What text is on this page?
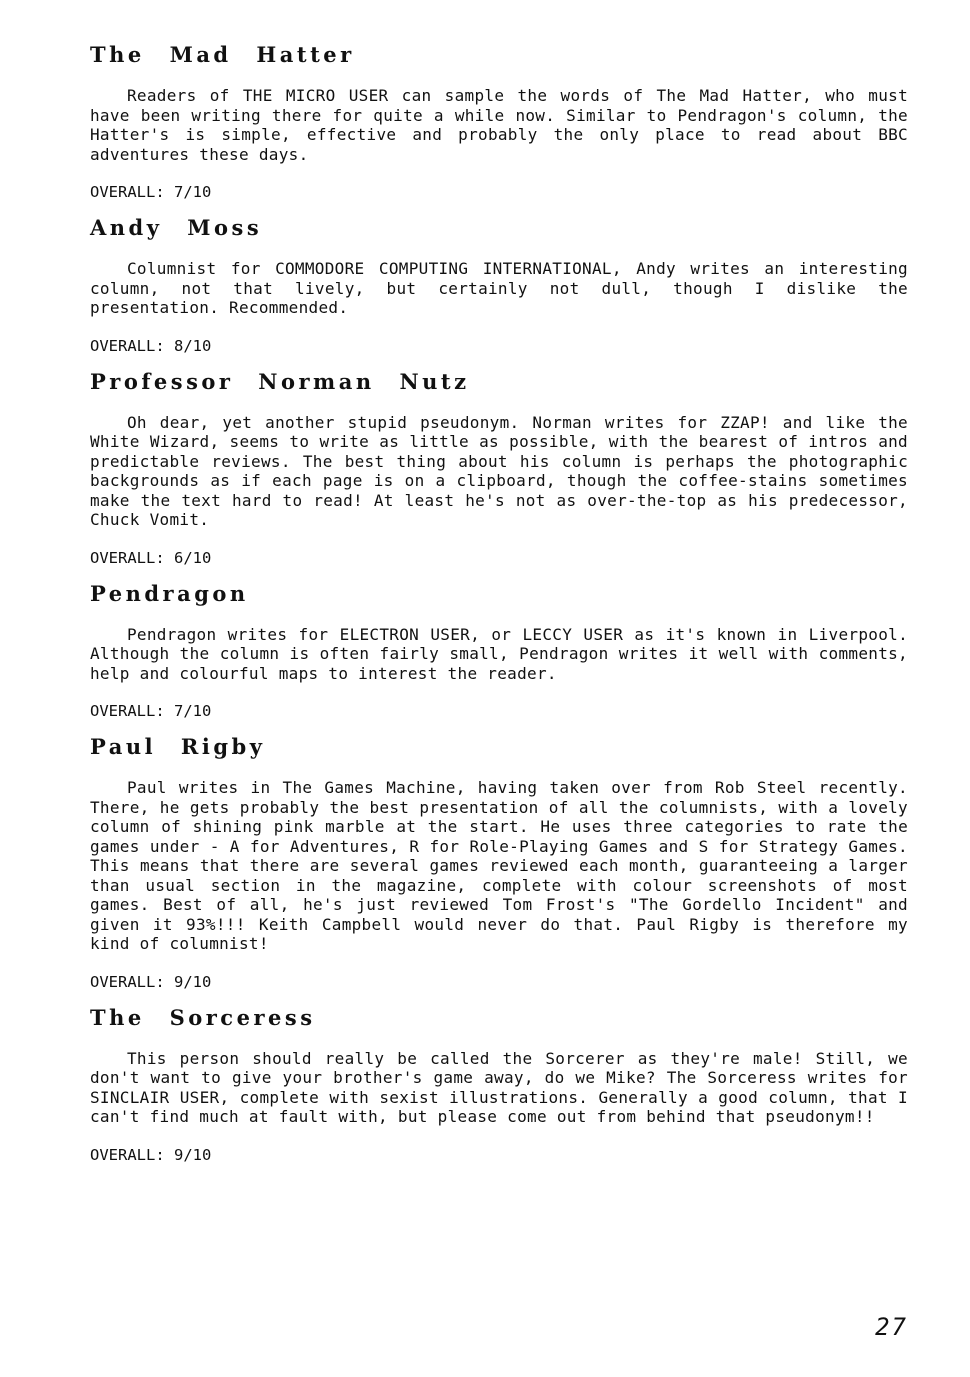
The Mad Hatter

Readers of THE MICRO USER can sample the words of The Mad Hatter, who must have been writing there for quite a while now. Similar to Pendragon's column, the Hatter's is simple, effective and probably the only place to read about BBC adventures these days.

OVERALL: 7/10
Andy Moss

Columnist for COMMODORE COMPUTING INTERNATIONAL, Andy writes an interesting column, not that lively, but certainly not dull, though I dislike the presentation. Recommended.

OVERALL: 8/10
Professor Norman Nutz

Oh dear, yet another stupid pseudonym. Norman writes for ZZAP! and like the White Wizard, seems to write as little as possible, with the bearest of intros and predictable reviews. The best thing about his column is perhaps the photographic backgrounds as if each page is on a clipboard, though the coffee-stains sometimes make the text hard to read! At least he's not as over-the-top as his predecessor, Chuck Vomit.

OVERALL: 6/10
Pendragon

Pendragon writes for ELECTRON USER, or LECCY USER as it's known in Liverpool. Although the column is often fairly small, Pendragon writes it well with comments, help and colourful maps to interest the reader.

OVERALL: 7/10
Paul Rigby

Paul writes in The Games Machine, having taken over from Rob Steel recently. There, he gets probably the best presentation of all the columnists, with a lovely column of shining pink marble at the start. He uses three categories to rate the games under - A for Adventures, R for Role-Playing Games and S for Strategy Games. This means that there are several games reviewed each month, guaranteeing a larger than usual section in the magazine, complete with colour screenshots of most games. Best of all, he's just reviewed Tom Frost's "The Gordello Incident" and given it 93%!!! Keith Campbell would never do that. Paul Rigby is therefore my kind of columnist!

OVERALL: 9/10
The Sorceress

This person should really be called the Sorcerer as they're male! Still, we don't want to give your brother's game away, do we Mike? The Sorceress writes for SINCLAIR USER, complete with sexist illustrations. Generally a good column, that I can't find much at fault with, but please come out from behind that pseudonym!!

OVERALL: 9/10
27
